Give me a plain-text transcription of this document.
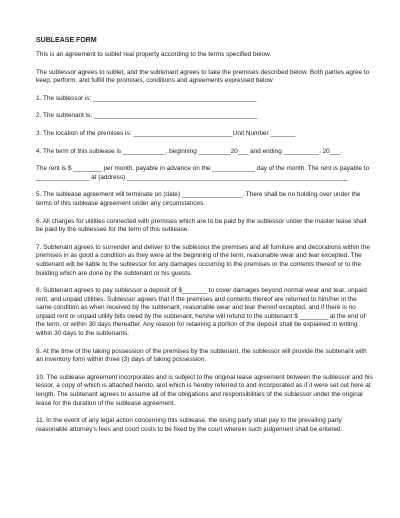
SUBLEASE FORM
This is an agreement to sublet real property according to the terms specified below.
The sublessor agrees to sublet, and the subtenant agrees to take the premises described below. Both parties agree to keep, perform, and fulfill the promises, conditions and agreements expressed below:
1. The sublessor is: ______________________________________________
2. The subtenant is: ______________________________________________
3. The location of the premises is: ____________________________Unit Number _______
4. The term of this sublease is ____________, beginning _________20___ and ending __________, 20___.
The rent is $ ________ per month, payable in advance on the ____________ day of the month. The rent is payable to _______________ at (address) ______________________________________________________________
5. The sublease agreement will terminate on (date) _________________. There shall be no holding over under the terms of this sublease agreement under any circumstances.
6. All charges for utilities connected with premises which are to be paid by the sublessor under the master lease shall be paid by the sublessee for the term of this sublease.
7. Subtenant agrees to surrender and deliver to the sublessor the premises and all furniture and decorations within the premises in as good a condition as they were at the beginning of the term, reasonable wear and tear excepted. The subtenant will be liable to the sublessor for any damages occurring to the premises or the contents thereof or to the building which are done by the subtenant or his guests.
8. Subtenant agrees to pay sublessor a deposit of $_______ to cover damages beyond normal wear and tear, unpaid rent, and unpaid utilities. Sublessor agrees that if the premises and contents thereof are returned to him/her in the same condition as when received by the subtenant, reasonable wear and tear thereof excepted, and if there is no unpaid rent or unpaid utility bills owed by the subtenant, he/she will refund to the subtenant $ ________ at the end of the term, or within 30 days thereafter. Any reason for retaining a portion of the deposit shall be explained in writing within 30 days to the subtenants.
9. At the time of the taking possession of the premises by the subtenant, the sublessor will provide the subtenant with an inventory form within three (3) days of taking possession.
10. The sublease agreement incorporates and is subject to the original lease agreement between the sublessor and his lessor, a copy of which is attached hereto, and which is hereby referred to and incorporated as if it were set out here at length. The subtenant agrees to assume all of the obligations and responsibilities of the sublessor under the original lease for the duration of the sublease agreement.
11. In the event of any legal action concerning this sublease, the losing party shall pay to the prevailing party reasonable attorney's fees and court costs to be fixed by the court wherein such judgement shall be entered.
